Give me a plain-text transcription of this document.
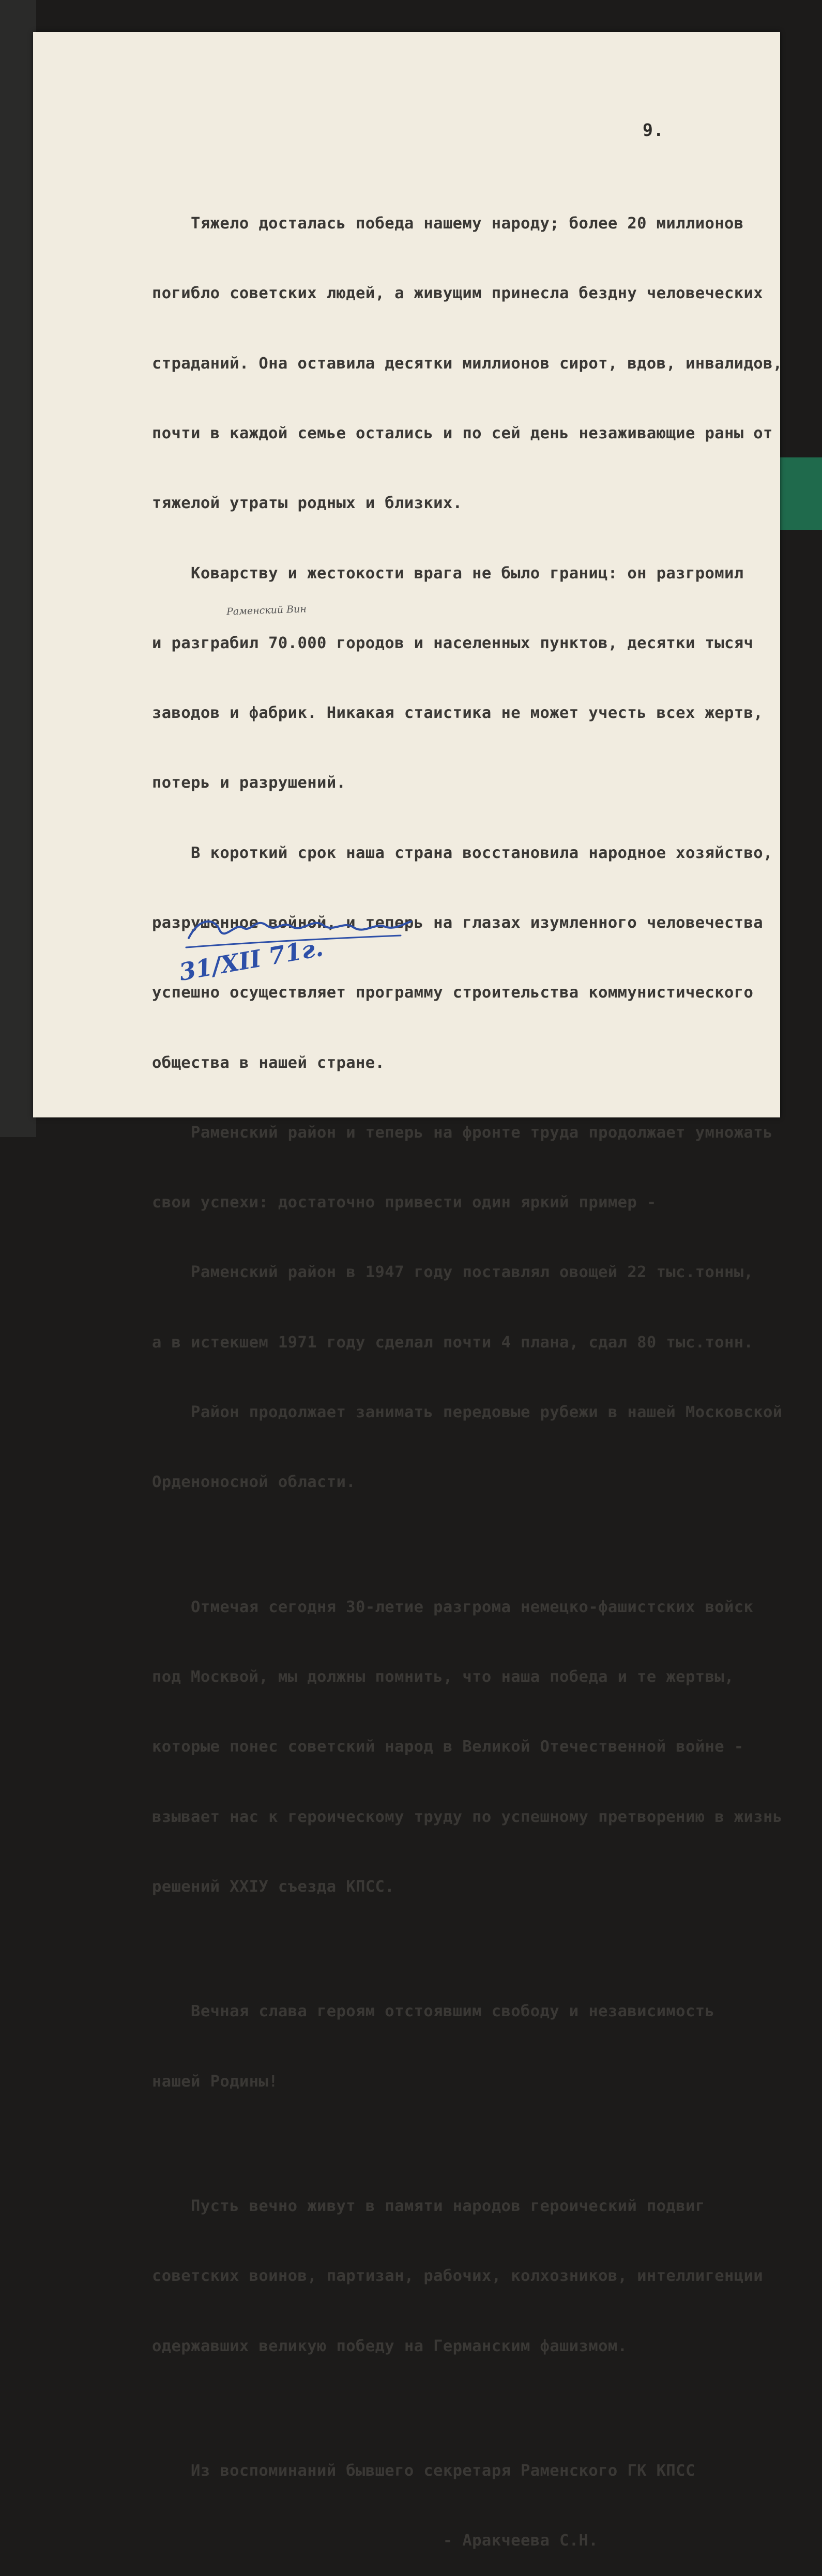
9.

Тяжело досталась победа нашему народу; более 20 миллионов

погибло советских людей, а живущим принесла бездну человеческих

страданий. Она оставила десятки миллионов сирот, вдов, инвалидов,

почти в каждой семье остались и по сей день незаживающие раны от

тяжелой утраты родных и близких.

Коварству и жестокости врага не было границ: он разгромил

и разграбил 70.000 городов и населенных пунктов, десятки тысяч

заводов и фабрик. Никакая стаистика не может учесть всех жертв,

потерь и разрушений.

В короткий срок наша страна восстановила народное хозяйство,

разрушенное войной, и теперь на глазах изумленного человечества

успешно осуществляет программу строительства коммунистического

общества в нашей стране.

Раменский район и теперь на фронте труда продолжает умножать

свои успехи: достаточно привести один яркий пример -

Раменский район в 1947 году поставлял овощей 22 тыс.тонны,

а в истекшем 1971 году сделал почти 4 плана, сдал 80 тыс.тонн.

Район продолжает занимать передовые рубежи в нашей Московской

Орденоносной области.

Отмечая сегодня 30-летие разгрома немецко-фашистских войск

под Москвой, мы должны помнить, что наша победа и те жертвы,

которые понес советский народ в Великой Отечественной войне -

взывает нас к героическому труду по успешному претворению в жизнь

решений XXIУ съезда КПСС.

Вечная слава героям отстоявшим свободу и независимость

нашей Родины!

Пусть вечно живут в памяти народов героический подвиг

советских воинов, партизан, рабочих, колхозников, интеллигенции

одержавших великую победу на Германским фашизмом.

Из воспоминаний бывшего секретаря Раменского ГК КПСС

- Аракчеева С.Н.

Раменский Вин
31/XII 71г.
